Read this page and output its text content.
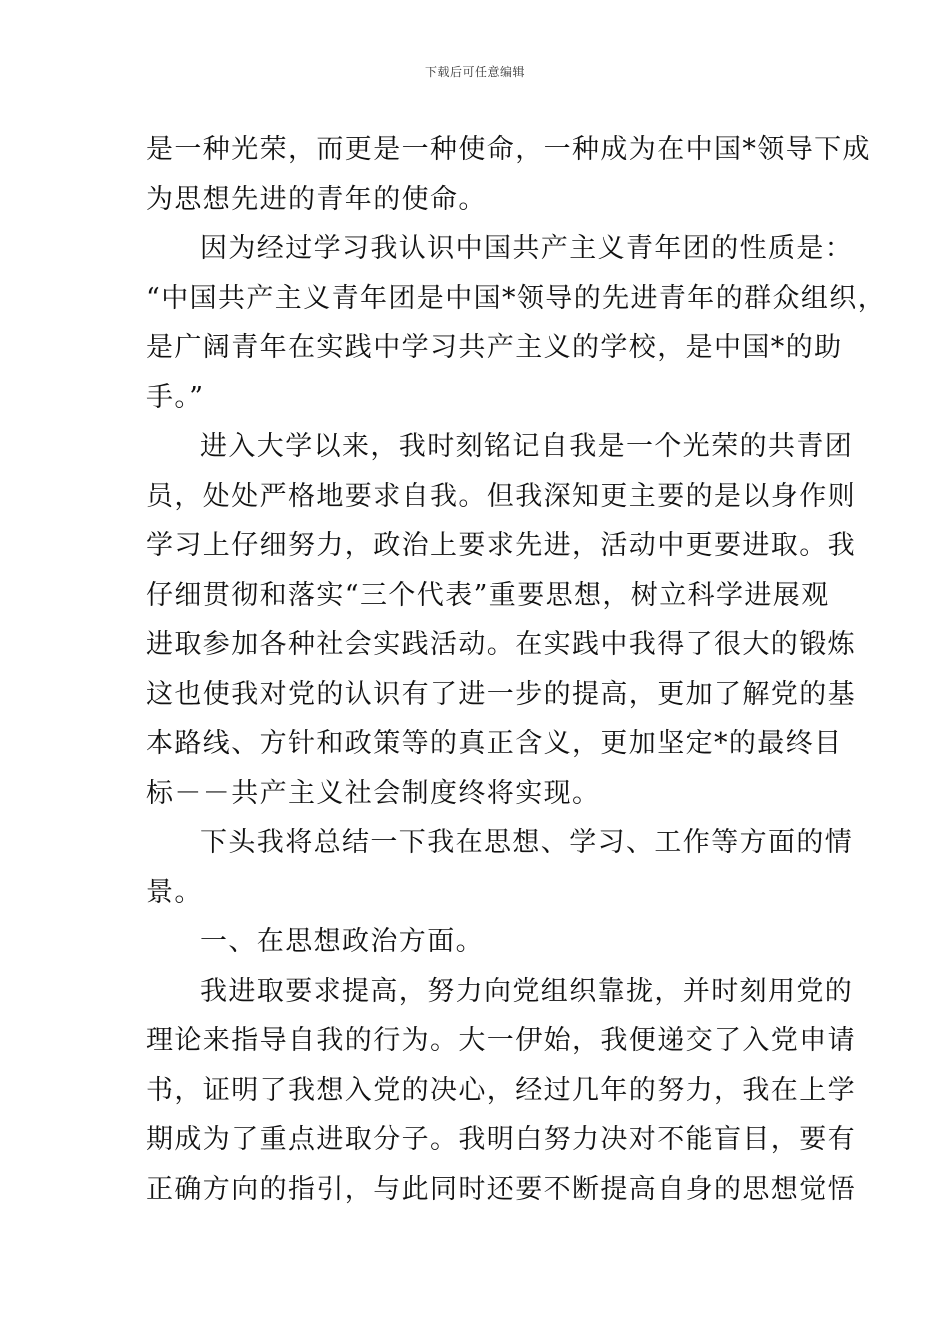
下载后可任意编辑
是一种光荣，而更是一种使命，一种成为在中国*领导下成
为思想先进的青年的使命。
因为经过学习我认识中国共产主义青年团的性质是：
“中国共产主义青年团是中国*领导的先进青年的群众组织，
是广阔青年在实践中学习共产主义的学校，是中国*的助
手。”
进入大学以来，我时刻铭记自我是一个光荣的共青团
员，处处严格地要求自我。但我深知更主要的是以身作则
学习上仔细努力，政治上要求先进，活动中更要进取。我
仔细贯彻和落实“三个代表”重要思想，树立科学进展观
进取参加各种社会实践活动。在实践中我得了很大的锻炼
这也使我对党的认识有了进一步的提高，更加了解党的基
本路线、方针和政策等的真正含义，更加坚定*的最终目
标－－共产主义社会制度终将实现。
下头我将总结一下我在思想、学习、工作等方面的情
景。
一、在思想政治方面。
我进取要求提高，努力向党组织靠拢，并时刻用党的
理论来指导自我的行为。大一伊始，我便递交了入党申请
书，证明了我想入党的决心，经过几年的努力，我在上学
期成为了重点进取分子。我明白努力决对不能盲目，要有
正确方向的指引，与此同时还要不断提高自身的思想觉悟
